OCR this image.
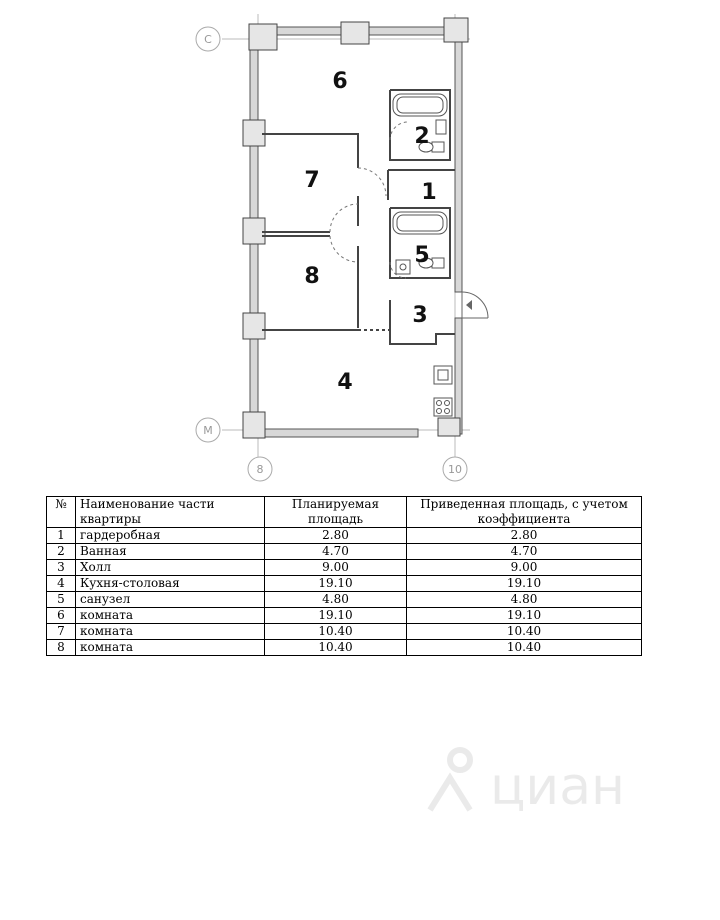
C
M
8	10
6
2
7	1
5
8
3
4
№	Наименование части квартиры	Планируемая площадь	Приведенная площадь, с учетом коэффициента
1	гардеробная	2.80	2.80
2	Ванная	4.70	4.70
3	Холл	9.00	9.00
4	Кухня-столовая	19.10	19.10
5	санузел	4.80	4.80
6	комната	19.10	19.10
7	комната	10.40	10.40
8	комната	10.40	10.40
циан
